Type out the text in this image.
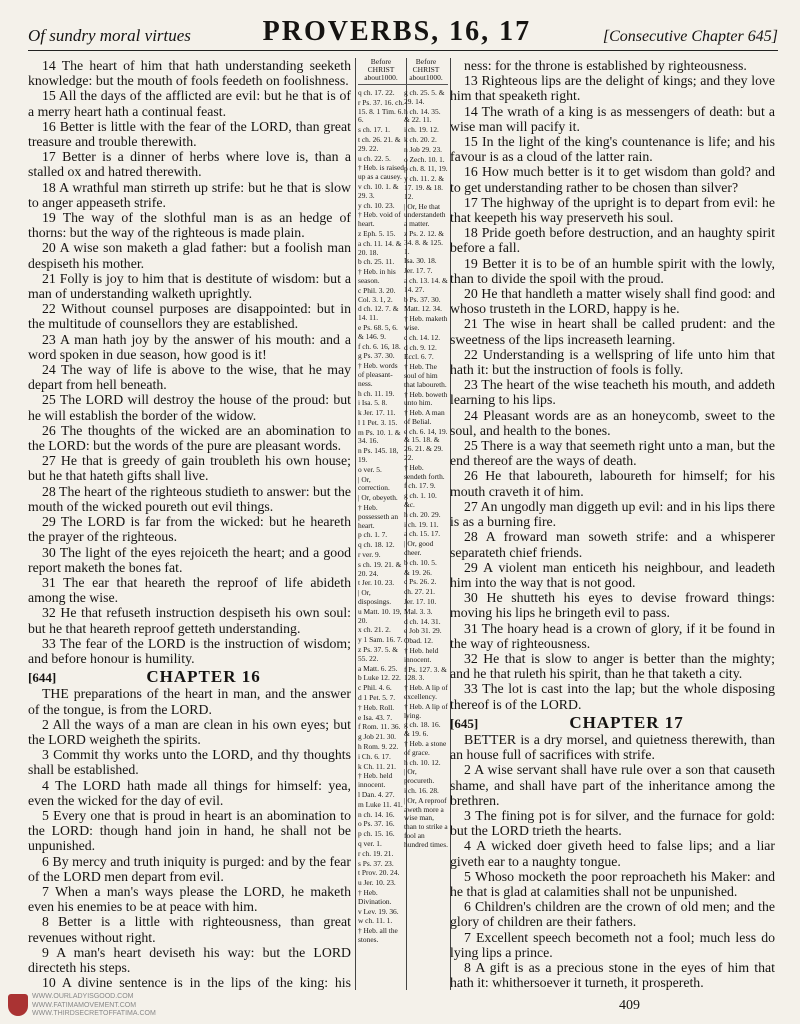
Of sundry moral virtues	PROVERBS, 16, 17	[Consecutive Chapter 645]

14 The heart of him that hath understanding seeketh knowledge: but the mouth of fools feedeth on foolishness.

15 All the days of the afflicted are evil: but he that is of a merry heart hath a continual feast.

16 Better is little with the fear of the LORD, than great treasure and trouble therewith.

17 Better is a dinner of herbs where love is, than a stalled ox and hatred therewith.

18 A wrathful man stirreth up strife: but he that is slow to anger appeaseth strife.

19 The way of the slothful man is as an hedge of thorns: but the way of the righteous is made plain.

20 A wise son maketh a glad father: but a foolish man despiseth his mother.

21 Folly is joy to him that is destitute of wisdom: but a man of understanding walketh uprightly.

22 Without counsel purposes are disappointed: but in the multitude of counsellors they are established.

23 A man hath joy by the answer of his mouth: and a word spoken in due season, how good is it!

24 The way of life is above to the wise, that he may depart from hell beneath.

25 The LORD will destroy the house of the proud: but he will establish the border of the widow.

26 The thoughts of the wicked are an abomination to the LORD: but the words of the pure are pleasant words.

27 He that is greedy of gain troubleth his own house; but he that hateth gifts shall live.

28 The heart of the righteous studieth to answer: but the mouth of the wicked poureth out evil things.

29 The LORD is far from the wicked: but he heareth the prayer of the righteous.

30 The light of the eyes rejoiceth the heart; and a good report maketh the bones fat.

31 The ear that heareth the reproof of life abideth among the wise.

32 He that refuseth instruction despiseth his own soul: but he that heareth reproof getteth understanding.

33 The fear of the LORD is the instruction of wisdom; and before honour is humility.

[644]	CHAPTER 16

THE preparations of the heart in man, and the answer of the tongue, is from the LORD.

2 All the ways of a man are clean in his own eyes; but the LORD weigheth the spirits.

3 Commit thy works unto the LORD, and thy thoughts shall be established.

4 The LORD hath made all things for himself: yea, even the wicked for the day of evil.

5 Every one that is proud in heart is an abomination to the LORD: though hand join in hand, he shall not be unpunished.

6 By mercy and truth iniquity is purged: and by the fear of the LORD men depart from evil.

7 When a man's ways please the LORD, he maketh even his enemies to be at peace with him.

8 Better is a little with righteousness, than great revenues without right.

9 A man's heart deviseth his way: but the LORD directeth his steps.

10 A divine sentence is in the lips of the king: his

Before CHRIST about1000.
q ch. 17. 22.
r Ps. 37. 16. ch. 15. 8. 1 Tim. 6. 6.
s ch. 17. 1.
t ch. 26. 21. & 29. 22.
u ch. 22. 5.
† Heb. is raised up as a causey.
v ch. 10. 1. & 29. 3.
y ch. 10. 23.
† Heb. void of heart.
z Eph. 5. 15.
a ch. 11. 14. & 20. 18.
b ch. 25. 11.
† Heb. in his season.
c Phil. 3. 20. Col. 3. 1, 2.
d ch. 12. 7. & 14. 11.
e Ps. 68. 5, 6. & 146. 9.
f ch. 6. 16, 18.
g Ps. 37. 30.
† Heb. words of pleasant-ness.
h ch. 11. 19.
i Isa. 5. 8.
k Jer. 17. 11.
l 1 Pet. 3. 15.
m Ps. 10. 1. & 34. 16.
n Ps. 145. 18, 19.
o ver. 5.
| Or, correction.
| Or, obeyeth.
† Heb. possesseth an heart.
p ch. 1. 7.
q ch. 18. 12.
r ver. 9.
s ch. 19. 21. & 20. 24.
t Jer. 10. 23.
| Or, disposings.
u Matt. 10. 19, 20.
x ch. 21. 2.
y 1 Sam. 16. 7.
z Ps. 37. 5. & 55. 22.
a Matt. 6. 25.
b Luke 12. 22.
c Phil. 4. 6.
d 1 Pet. 5. 7.
† Heb. Roll.
e Isa. 43. 7.
f Rom. 11. 36.
g Job 21. 30.
h Rom. 9. 22.
i Ch. 6. 17.
k Ch. 11. 21.
† Heb. held innocent.
l Dan. 4. 27.
m Luke 11. 41.
n ch. 14. 16.
o Ps. 37. 16.
p ch. 15. 16.
q ver. 1.
r ch. 19. 21.
s Ps. 37. 23.
t Prov. 20. 24.
u Jer. 10. 23.
† Heb. Divination.
v Lev. 19. 36.
w ch. 11. 1.
† Heb. all the stones.
Before CHRIST about1000.
g ch. 25. 5. & 29. 14.
h ch. 14. 35. & 22. 11.
i ch. 19. 12.
k ch. 20. 2.
n Job 29. 23.
o Zech. 10. 1.
p ch. 8. 11, 19.
y ch. 11. 2. & 17. 19. & 18. 12.
| Or, He that understandeth a matter.
z Ps. 2. 12. & 34. 8. & 125. 1.
Isa. 30. 18.
Jer. 17. 7.
a ch. 13. 14. & 14. 27.
b Ps. 37. 30.
Matt. 12. 34.
† Heb. maketh wise.
c ch. 14. 12.
d ch. 9. 12.
Eccl. 6. 7.
† Heb. The soul of him that laboureth.
† Heb. boweth unto him.
† Heb. A man of Belial.
e ch. 6. 14, 19. & 15. 18. & 26. 21. & 29. 22.
† Heb. sendeth forth.
f ch. 17. 9.
g ch. 1. 10. &c.
h ch. 20. 29.
i ch. 19. 11.
a ch. 15. 17.
| Or, good cheer.
b ch. 10. 5.
& 19. 26.
c Ps. 26. 2.
ch. 27. 21.
Jer. 17. 10.
Mal. 3. 3.
d ch. 14. 31.
e Job 31. 29.
Obad. 12.
† Heb. held innocent.
f Ps. 127. 3. & 128. 3.
† Heb. A lip of excellency.
† Heb. A lip of lying.
g ch. 18. 16. & 19. 6.
† Heb. a stone of grace.
h ch. 10. 12.
| Or, procureth.
i ch. 16. 28.
| Or, A reproof aweth more a wise man, than to strike a fool an hundred times.

ness: for the throne is established by righteousness.

13 Righteous lips are the delight of kings; and they love him that speaketh right.

14 The wrath of a king is as messengers of death: but a wise man will pacify it.

15 In the light of the king's countenance is life; and his favour is as a cloud of the latter rain.

16 How much better is it to get wisdom than gold? and to get understanding rather to be chosen than silver?

17 The highway of the upright is to depart from evil: he that keepeth his way preserveth his soul.

18 Pride goeth before destruction, and an haughty spirit before a fall.

19 Better it is to be of an humble spirit with the lowly, than to divide the spoil with the proud.

20 He that handleth a matter wisely shall find good: and whoso trusteth in the LORD, happy is he.

21 The wise in heart shall be called prudent: and the sweetness of the lips increaseth learning.

22 Understanding is a wellspring of life unto him that hath it: but the instruction of fools is folly.

23 The heart of the wise teacheth his mouth, and addeth learning to his lips.

24 Pleasant words are as an honeycomb, sweet to the soul, and health to the bones.

25 There is a way that seemeth right unto a man, but the end thereof are the ways of death.

26 He that laboureth, laboureth for himself; for his mouth craveth it of him.

27 An ungodly man diggeth up evil: and in his lips there is as a burning fire.

28 A froward man soweth strife: and a whisperer separateth chief friends.

29 A violent man enticeth his neighbour, and leadeth him into the way that is not good.

30 He shutteth his eyes to devise froward things: moving his lips he bringeth evil to pass.

31 The hoary head is a crown of glory, if it be found in the way of righteousness.

32 He that is slow to anger is better than the mighty; and he that ruleth his spirit, than he that taketh a city.

33 The lot is cast into the lap; but the whole disposing thereof is of the LORD.

[645]	CHAPTER 17

BETTER is a dry morsel, and quietness therewith, than an house full of sacrifices with strife.

2 A wise servant shall have rule over a son that causeth shame, and shall have part of the inheritance among the brethren.

3 The fining pot is for silver, and the furnace for gold: but the LORD trieth the hearts.

4 A wicked doer giveth heed to false lips; and a liar giveth ear to a naughty tongue.

5 Whoso mocketh the poor reproacheth his Maker: and he that is glad at calamities shall not be unpunished.

6 Children's children are the crown of old men; and the glory of children are their fathers.

7 Excellent speech becometh not a fool; much less do lying lips a prince.

8 A gift is as a precious stone in the eyes of him that hath it: whithersoever it turneth, it prospereth.

WWW.OURLADYISGOOD.COM
WWW.FATIMAMOVEMENT.COM
WWW.THIRDSECRETOFFATIMA.COM
409
